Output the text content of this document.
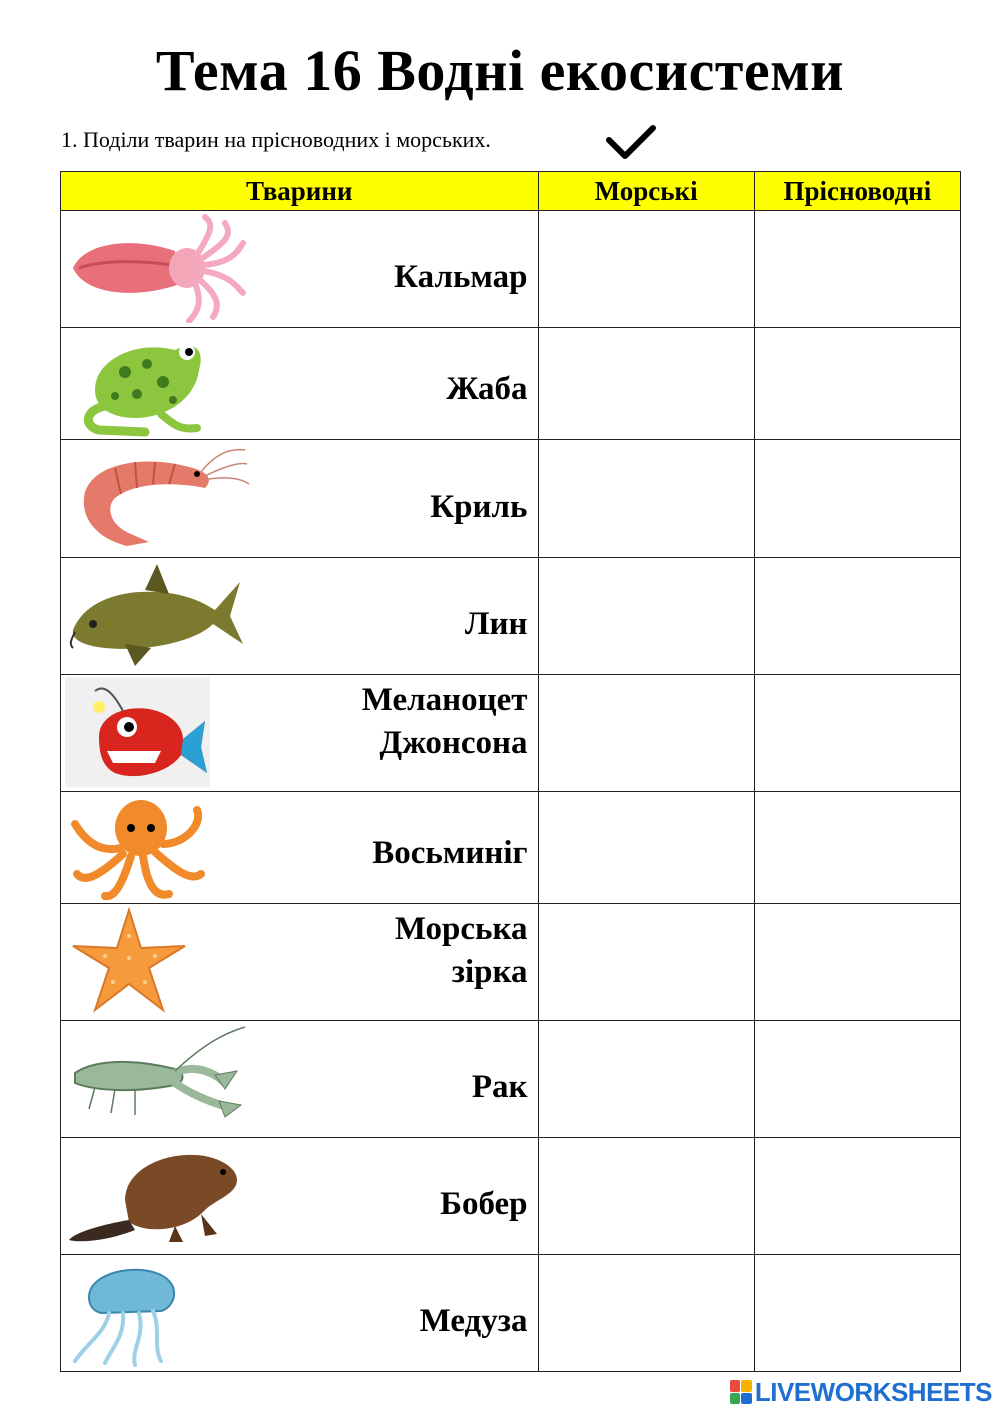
Тема 16 Водні екосистеми
1. Поділи тварин на прісноводних і морських.
Тварини	Морські	Прісноводні

Кальмар		

Жаба		

Криль		

Лин		

Меланоцет
Джонсона		

Восьминіг		

Морська
зірка		

Рак		

Бобер		

Медуза		

LIVEWORKSHEETS
